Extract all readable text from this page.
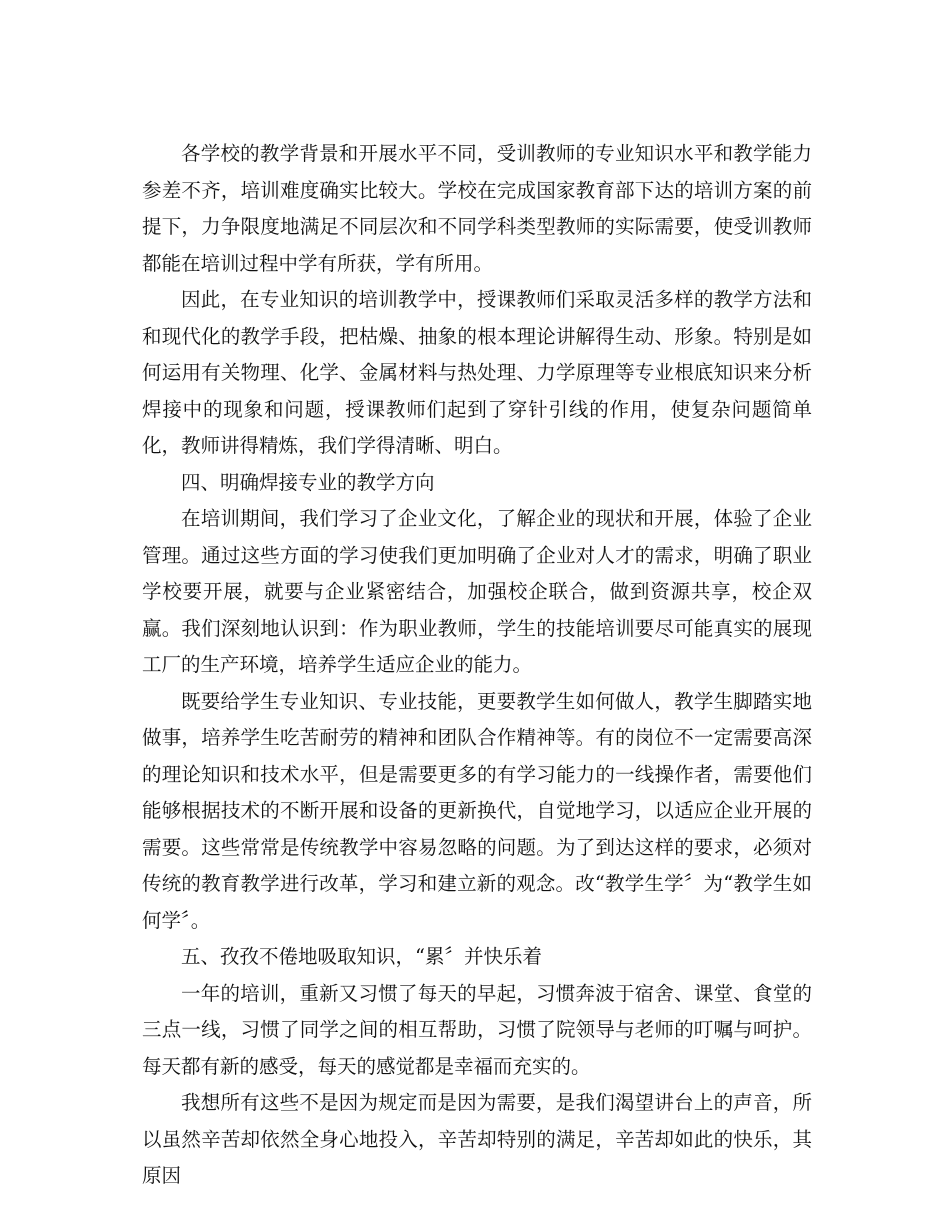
各学校的教学背景和开展水平不同，受训教师的专业知识水平和教学能力参差不齐，培训难度确实比较大。学校在完成国家教育部下达的培训方案的前提下，力争限度地满足不同层次和不同学科类型教师的实际需要，使受训教师都能在培训过程中学有所获，学有所用。

因此，在专业知识的培训教学中，授课教师们采取灵活多样的教学方法和和现代化的教学手段，把枯燥、抽象的根本理论讲解得生动、形象。特别是如何运用有关物理、化学、金属材料与热处理、力学原理等专业根底知识来分析焊接中的现象和问题，授课教师们起到了穿针引线的作用，使复杂问题简单化，教师讲得精炼，我们学得清晰、明白。

四、明确焊接专业的教学方向

在培训期间，我们学习了企业文化，了解企业的现状和开展，体验了企业管理。通过这些方面的学习使我们更加明确了企业对人才的需求，明确了职业学校要开展，就要与企业紧密结合，加强校企联合，做到资源共享，校企双赢。我们深刻地认识到：作为职业教师，学生的技能培训要尽可能真实的展现工厂的生产环境，培养学生适应企业的能力。

既要给学生专业知识、专业技能，更要教学生如何做人，教学生脚踏实地做事，培养学生吃苦耐劳的精神和团队合作精神等。有的岗位不一定需要高深的理论知识和技术水平，但是需要更多的有学习能力的一线操作者，需要他们能够根据技术的不断开展和设备的更新换代，自觉地学习，以适应企业开展的需要。这些常常是传统教学中容易忽略的问题。为了到达这样的要求，必须对传统的教育教学进行改革，学习和建立新的观念。改“教学生学〞为“教学生如何学〞。

五、孜孜不倦地吸取知识，“累〞并快乐着

一年的培训，重新又习惯了每天的早起，习惯奔波于宿舍、课堂、食堂的三点一线，习惯了同学之间的相互帮助，习惯了院领导与老师的叮嘱与呵护。每天都有新的感受，每天的感觉都是幸福而充实的。

我想所有这些不是因为规定而是因为需要，是我们渴望讲台上的声音，所以虽然辛苦却依然全身心地投入，辛苦却特别的满足，辛苦却如此的快乐，其原因
